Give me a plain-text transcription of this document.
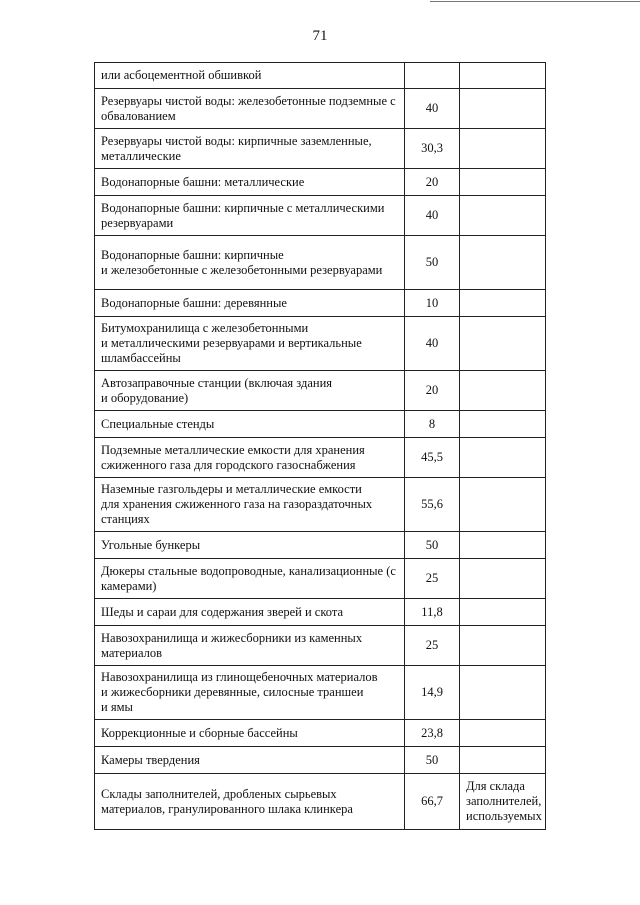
71
или асбоцементной обшивкой		
Резервуары чистой воды: железобетонные подземные с обвалованием	40	
Резервуары чистой воды: кирпичные заземленные, металлические	30,3	
Водонапорные башни: металлические	20	
Водонапорные башни: кирпичные с металлическими резервуарами	40	
Водонапорные башни: кирпичные
и железобетонные с железобетонными резервуарами	50	
Водонапорные башни: деревянные	10	
Битумохранилища с железобетонными
и металлическими резервуарами и вертикальные шламбассейны	40	
Автозаправочные станции (включая здания
и оборудование)	20	
Специальные стенды	8	
Подземные металлические емкости для хранения сжиженного газа для городского газоснабжения	45,5	
Наземные газгольдеры и металлические емкости
для хранения сжиженного газа на газораздаточных станциях	55,6	
Угольные бункеры	50	
Дюкеры стальные водопроводные, канализационные (с камерами)	25	
Шеды и сараи для содержания зверей и скота	11,8	
Навозохранилища и жижесборники из каменных материалов	25	
Навозохранилища из глинощебеночных материалов
и жижесборники деревянные, силосные траншеи
и ямы	14,9	
Коррекционные и сборные бассейны	23,8	
Камеры твердения	50	
Склады заполнителей, дробленых сырьевых материалов, гранулированного шлака клинкера	66,7	Для склада заполнителей, используемых
